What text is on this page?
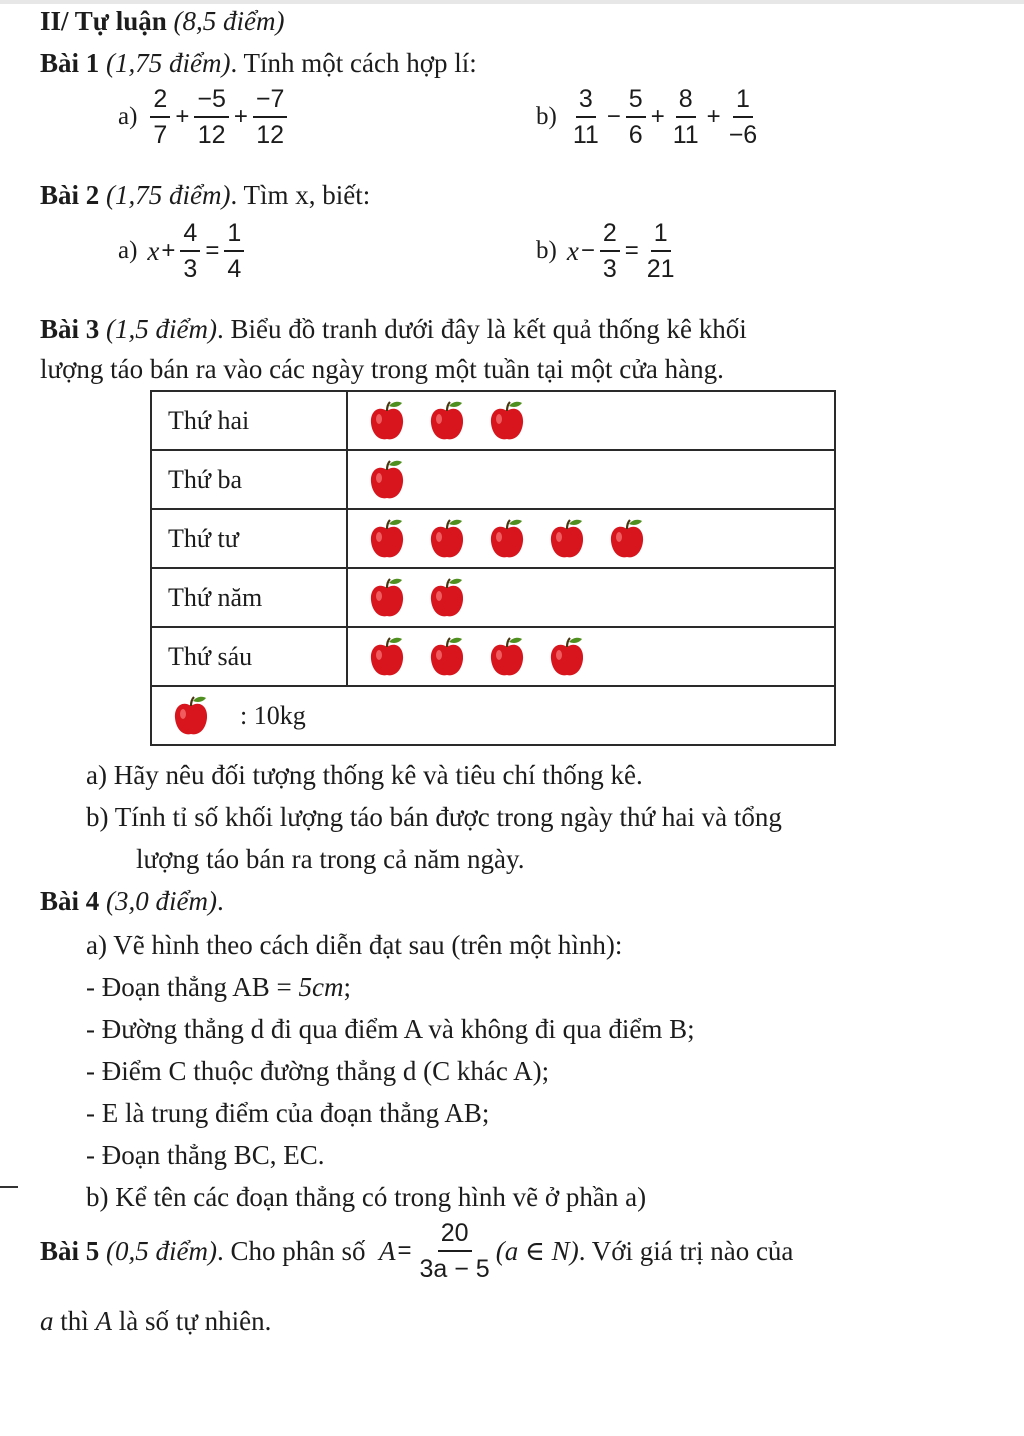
II/ Tự luận (8,5 điểm)
Bài 1 (1,75 điểm). Tính một cách hợp lí:
$a) \frac{2}{7} + \frac{-5}{12} + \frac{-7}{12}$	$b) \frac{3}{11} - \frac{5}{6} + \frac{8}{11} + \frac{1}{-6}$
Bài 2 (1,75 điểm). Tìm x, biết:
a) $x + \frac{4}{3} = \frac{1}{4}$	b) $x - \frac{2}{3} = \frac{1}{21}$
Bài 3 (1,5 điểm). Biểu đồ tranh dưới đây là kết quả thống kê khối
lượng táo bán ra vào các ngày trong một tuần tại một cửa hàng.
Thứ hai	

Thứ ba	

Thứ tư	

Thứ năm	

Thứ sáu	

: 10kg	
a) Hãy nêu đối tượng thống kê và tiêu chí thống kê.
b) Tính tỉ số khối lượng táo bán được trong ngày thứ hai và tổng
lượng táo bán ra trong cả năm ngày.
Bài 4 (3,0 điểm).
a) Vẽ hình theo cách diễn đạt sau (trên một hình):
- Đoạn thẳng AB = 5cm;
- Đường thẳng d đi qua điểm A và không đi qua điểm B;
- Điểm C thuộc đường thẳng d (C khác A);
- E là trung điểm của đoạn thẳng AB;
- Đoạn thẳng BC, EC.
b) Kể tên các đoạn thẳng có trong hình vẽ ở phần a)
Bài 5
(0,5 điểm) . Cho phân số
$A = \frac{20}{3a - 5} (a$ ∈ N) . Với giá trị nào của
a thì A là số tự nhiên.
